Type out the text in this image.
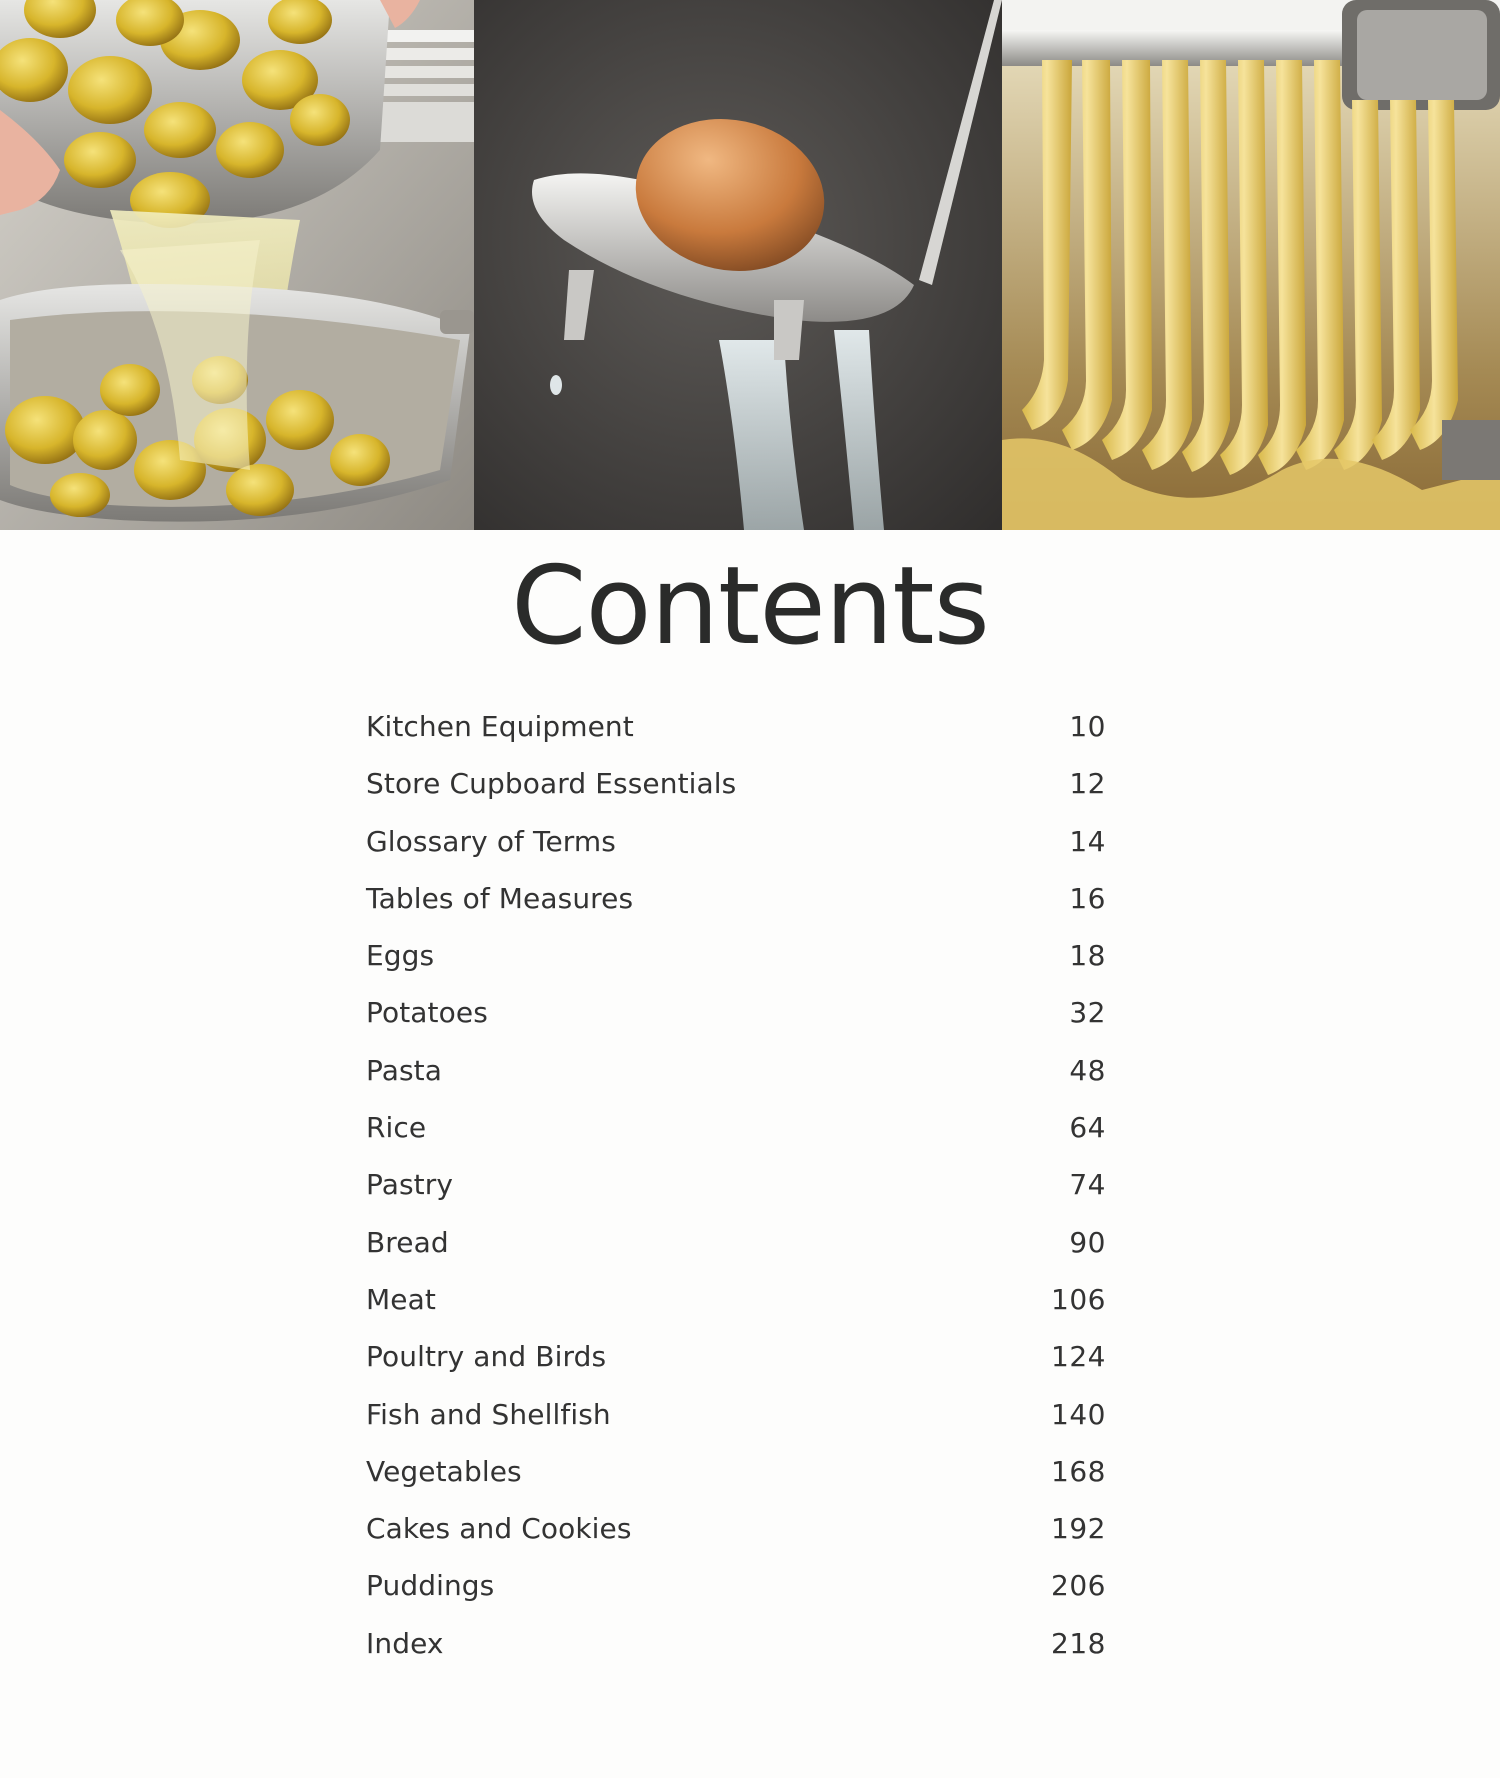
Contents
Kitchen Equipment	10
Store Cupboard Essentials	12
Glossary of Terms	14
Tables of Measures	16
Eggs	18
Potatoes	32
Pasta	48
Rice	64
Pastry	74
Bread	90
Meat	106
Poultry and Birds	124
Fish and Shellfish	140
Vegetables	168
Cakes and Cookies	192
Puddings	206
Index	218
